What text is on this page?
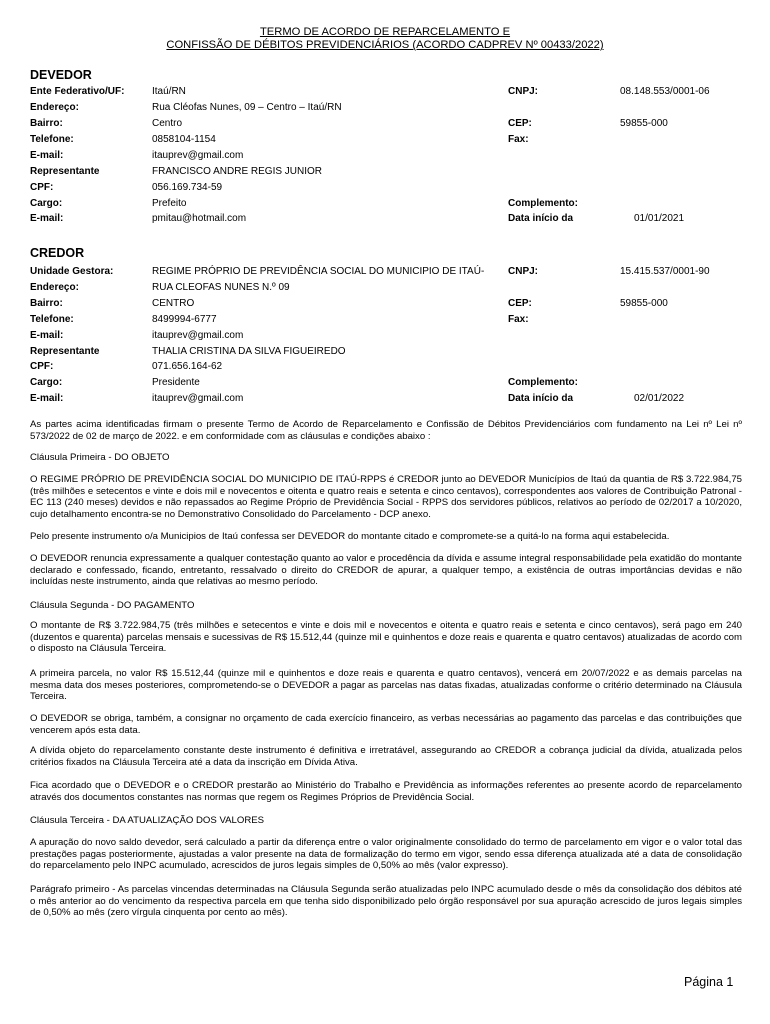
TERMO DE ACORDO DE REPARCELAMENTO E
CONFISSÃO DE DÉBITOS PREVIDENCIÁRIOS (ACORDO CADPREV Nº 00433/2022)
DEVEDOR
Ente Federativo/UF:	Itaú/RN	CNPJ:	08.148.553/0001-06
Endereço:	Rua Cléofas Nunes, 09 – Centro – Itaú/RN
Bairro:	Centro	CEP:	59855-000
Telefone:	0858104-1154	Fax:
E-mail:	itauprev@gmail.com
Representante	FRANCISCO ANDRE REGIS JUNIOR
CPF:	056.169.734-59
Cargo:	Prefeito	Complemento:
E-mail:	pmitau@hotmail.com	Data início da	01/01/2021
CREDOR
Unidade Gestora:	REGIME PRÓPRIO DE PREVIDÊNCIA SOCIAL DO MUNICIPIO DE ITAÚ- CNPJ:	15.415.537/0001-90
Endereço:	RUA CLEOFAS NUNES N.º 09
Bairro:	CENTRO	CEP:	59855-000
Telefone:	8499994-6777	Fax:
E-mail:	itauprev@gmail.com
Representante	THALIA CRISTINA DA SILVA FIGUEIREDO
CPF:	071.656.164-62
Cargo:	Presidente	Complemento:
E-mail:	itauprev@gmail.com	Data início da	02/01/2022

As partes acima identificadas firmam o presente Termo de Acordo de Reparcelamento e Confissão de Débitos Previdenciários com fundamento na Lei nº Lei nº 573/2022 de 02 de março de 2022. e em conformidade com as cláusulas e condições abaixo :

Cláusula Primeira - DO OBJETO

O REGIME PRÓPRIO DE PREVIDÊNCIA SOCIAL DO MUNICIPIO DE ITAÚ-RPPS é CREDOR junto ao DEVEDOR Municípios de Itaú da quantia de R$ 3.722.984,75 (três milhões e setecentos e vinte e dois mil e novecentos e oitenta e quatro reais e setenta e cinco centavos), correspondentes aos valores de Contribuição Patronal - EC 113 (240 meses) devidos e não repassados ao Regime Próprio de Previdência Social - RPPS dos servidores públicos, relativos ao período de 02/2017 a 10/2020, cujo detalhamento encontra-se no Demonstrativo Consolidado do Parcelamento - DCP anexo.

Pelo presente instrumento o/a Municipios de Itaú confessa ser DEVEDOR do montante citado e compromete-se a quitá-lo na forma aqui estabelecida.

O DEVEDOR renuncia expressamente a qualquer contestação quanto ao valor e procedência da dívida e assume integral responsabilidade pela exatidão do montante declarado e confessado, ficando, entretanto, ressalvado o direito do CREDOR de apurar, a qualquer tempo, a existência de outras importâncias devidas e não incluídas neste instrumento, ainda que relativas ao mesmo período.

Cláusula Segunda - DO PAGAMENTO

O montante de R$ 3.722.984,75 (três milhões e setecentos e vinte e dois mil e novecentos e oitenta e quatro reais e setenta e cinco centavos), será pago em 240 (duzentos e quarenta) parcelas mensais e sucessivas de R$ 15.512,44 (quinze mil e quinhentos e doze reais e quarenta e quatro centavos) atualizadas de acordo com o disposto na Cláusula Terceira.

A primeira parcela, no valor R$ 15.512,44 (quinze mil e quinhentos e doze reais e quarenta e quatro centavos), vencerá em 20/07/2022 e as demais parcelas na mesma data dos meses posteriores, comprometendo-se o DEVEDOR a pagar as parcelas nas datas fixadas, atualizadas conforme o critério determinado na Cláusula Terceira.

O DEVEDOR se obriga, também, a consignar no orçamento de cada exercício financeiro, as verbas necessárias ao pagamento das parcelas e das contribuições que vencerem após esta data.

A dívida objeto do reparcelamento constante deste instrumento é definitiva e irretratável, assegurando ao CREDOR a cobrança judicial da dívida, atualizada pelos critérios fixados na Cláusula Terceira até a data da inscrição em Dívida Ativa.

Fica acordado que o DEVEDOR e o CREDOR prestarão ao Ministério do Trabalho e Previdência as informações referentes ao presente acordo de reparcelamento através dos documentos constantes nas normas que regem os Regimes Próprios de Previdência Social.

Cláusula Terceira - DA ATUALIZAÇÃO DOS VALORES

A apuração do novo saldo devedor, será calculado a partir da diferença entre o valor originalmente consolidado do termo de parcelamento em vigor e o valor total das prestações pagas posteriormente, ajustadas a valor presente na data de formalização do termo em vigor, sendo essa diferença atualizada até a data de consolidação do reparcelamento pelo INPC acumulado, acrescidos de juros legais simples de 0,50% ao mês (valor expresso).

Parágrafo primeiro - As parcelas vincendas determinadas na Cláusula Segunda serão atualizadas pelo INPC acumulado desde o mês da consolidação dos débitos até o mês anterior ao do vencimento da respectiva parcela em que tenha sido disponibilizado pelo órgão responsável por sua apuração acrescido de juros legais simples de 0,50% ao mês (zero vírgula cinquenta por cento ao mês).

Página 1
